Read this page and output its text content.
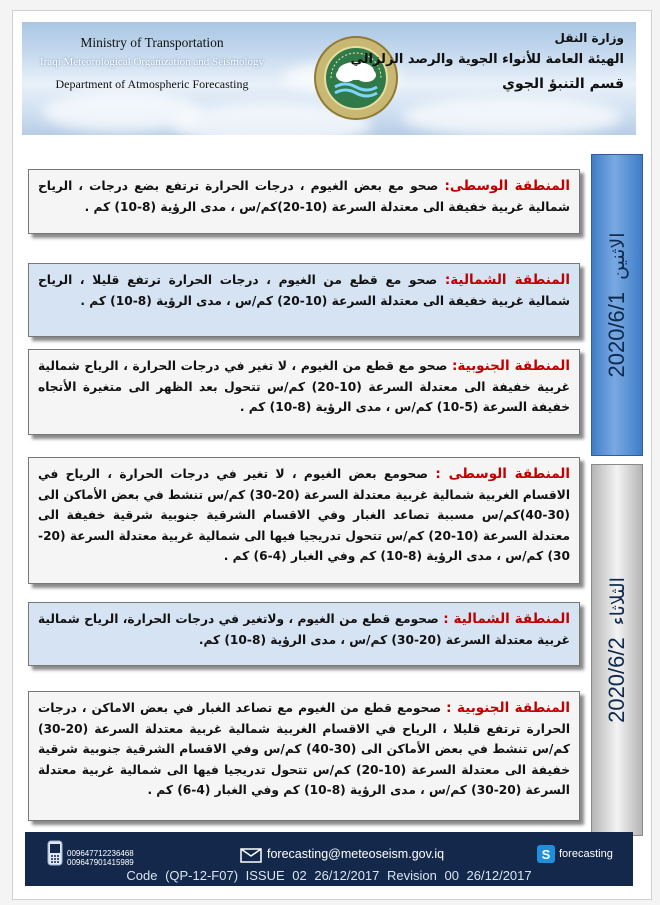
Ministry of Transportation
Iraqi Meteorological Organization and Seismology
Department of Atmospheric Forecasting
وزارة النقل
الهيئة العامة للأنواء الجوية والرصد الزلزالي
قسم التنبؤ الجوي
المنطقة الوسطى: صحو مع بعض الغيوم ، درجات الحرارة ترتفع بضع درجات ، الرياح شمالية غربية خفيفة الى معتدلة السرعة (10-20)كم/س ، مدى الرؤية (8-10) كم .
المنطقة الشمالية: صحو مع قطع من الغيوم ، درجات الحرارة ترتفع قليلا ، الرياح شمالية غربية خفيفة الى معتدلة السرعة (10-20) كم/س ، مدى الرؤية (8-10) كم .
المنطقة الجنوبية: صحو مع قطع من الغيوم ، لا تغير في درجات الحرارة ، الرياح شمالية غربية خفيفة الى معتدلة السرعة (10-20) كم/س تتحول بعد الظهر الى متغيرة الأتجاه خفيفة السرعة (5-10) كم/س ، مدى الرؤية (8-10) كم .
المنطقة الوسطى : صحومع بعض الغيوم ، لا تغير في درجات الحرارة ، الرياح في الاقسام الغربية شمالية غربية معتدلة السرعة (20-30) كم/س تنشط في بعض الأماكن الى (30-40)كم/س مسببة تصاعد الغبار وفي الاقسام الشرقية جنوبية شرقية خفيفة الى معتدلة السرعة (10-20) كم/س تتحول تدريجيا فيها الى شمالية غربية معتدلة السرعة (20-30) كم/س ، مدى الرؤية (8-10) كم وفي الغبار (4-6) كم .
المنطقة الشمالية : صحومع قطع من الغيوم ، ولاتغير في درجات الحرارة، الرياح شمالية غربية معتدلة السرعة (20-30) كم/س ، مدى الرؤية (8-10) كم.
المنطقة الجنوبية : صحومع قطع من الغيوم مع تصاعد الغبار في بعض الاماكن ، درجات الحرارة ترتفع قليلا ، الرياح في الاقسام الغربية شمالية غربية معتدلة السرعة (20-30) كم/س تنشط في بعض الأماكن الى (30-40) كم/س وفي الاقسام الشرقية جنوبية شرقية خفيفة الى معتدلة السرعة (10-20) كم/س تتحول تدريجيا فيها الى شمالية غربية معتدلة السرعة (20-30) كم/س ، مدى الرؤية (8-10) كم وفي الغبار (4-6) كم .
2020/6/1الاثنين
2020/6/2الثلاثاء
009647712236468
009647901415989
forecasting@meteoseism.gov.iq	S forecasting
Code (QP-12-F07) ISSUE 02 26/12/2017 Revision 00 26/12/2017
